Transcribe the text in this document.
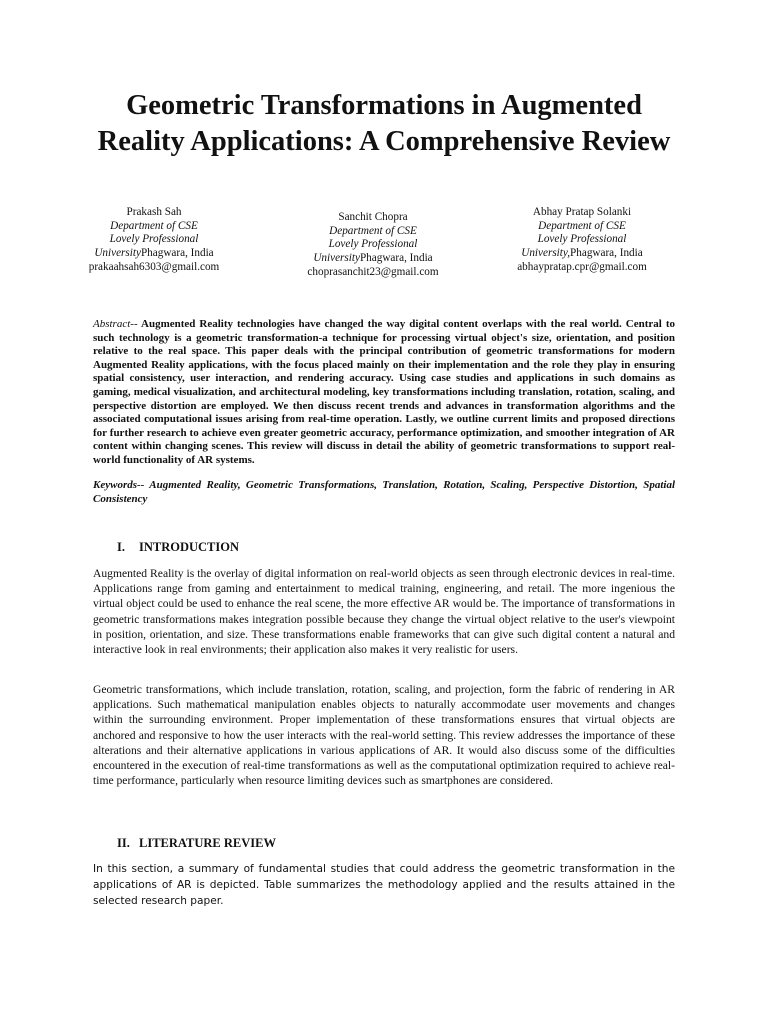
Geometric Transformations in Augmented Reality Applications: A Comprehensive Review
Prakash Sah
Department of CSE
Lovely Professional
UniversityPhagwara, India
prakaahsah6303@gmail.com
Sanchit Chopra
Department of CSE
Lovely Professional
UniversityPhagwara, India
choprasanchit23@gmail.com
Abhay Pratap Solanki
Department of CSE
Lovely Professional
University,Phagwara, India
abhaypratap.cpr@gmail.com

Abstract-- Augmented Reality technologies have changed the way digital content overlaps with the real world. Central to such technology is a geometric transformation-a technique for processing virtual object's size, orientation, and position relative to the real space. This paper deals with the principal contribution of geometric transformations for modern Augmented Reality applications, with the focus placed mainly on their implementation and the role they play in ensuring spatial consistency, user interaction, and rendering accuracy. Using case studies and applications in such domains as gaming, medical visualization, and architectural modeling, key transformations including translation, rotation, scaling, and perspective distortion are employed. We then discuss recent trends and advances in transformation algorithms and the associated computational issues arising from real-time operation. Lastly, we outline current limits and proposed directions for further research to achieve even greater geometric accuracy, performance optimization, and smoother integration of AR content within changing scenes. This review will discuss in detail the ability of geometric transformations to support real-world functionality of AR systems.

Keywords-- Augmented Reality, Geometric Transformations, Translation, Rotation, Scaling, Perspective Distortion, Spatial Consistency

I. INTRODUCTION

Augmented Reality is the overlay of digital information on real-world objects as seen through electronic devices in real-time. Applications range from gaming and entertainment to medical training, engineering, and retail. The more ingenious the virtual object could be used to enhance the real scene, the more effective AR would be. The importance of transformations in geometric transformations makes integration possible because they change the virtual object relative to the user's viewpoint in position, orientation, and size. These transformations enable frameworks that can give such digital content a natural and interactive look in real environments; their application also makes it very realistic for users.

Geometric transformations, which include translation, rotation, scaling, and projection, form the fabric of rendering in AR applications. Such mathematical manipulation enables objects to naturally accommodate user movements and changes within the surrounding environment. Proper implementation of these transformations ensures that virtual objects are anchored and responsive to how the user interacts with the real-world setting. This review addresses the importance of these alterations and their alternative applications in various applications of AR. It would also discuss some of the difficulties encountered in the execution of real-time transformations as well as the computational optimization required to achieve real-time performance, particularly when resource limiting devices such as smartphones are considered.

II. LITERATURE REVIEW

In this section, a summary of fundamental studies that could address the geometric transformation in the applications of AR is depicted. Table summarizes the methodology applied and the results attained in the selected research paper.
